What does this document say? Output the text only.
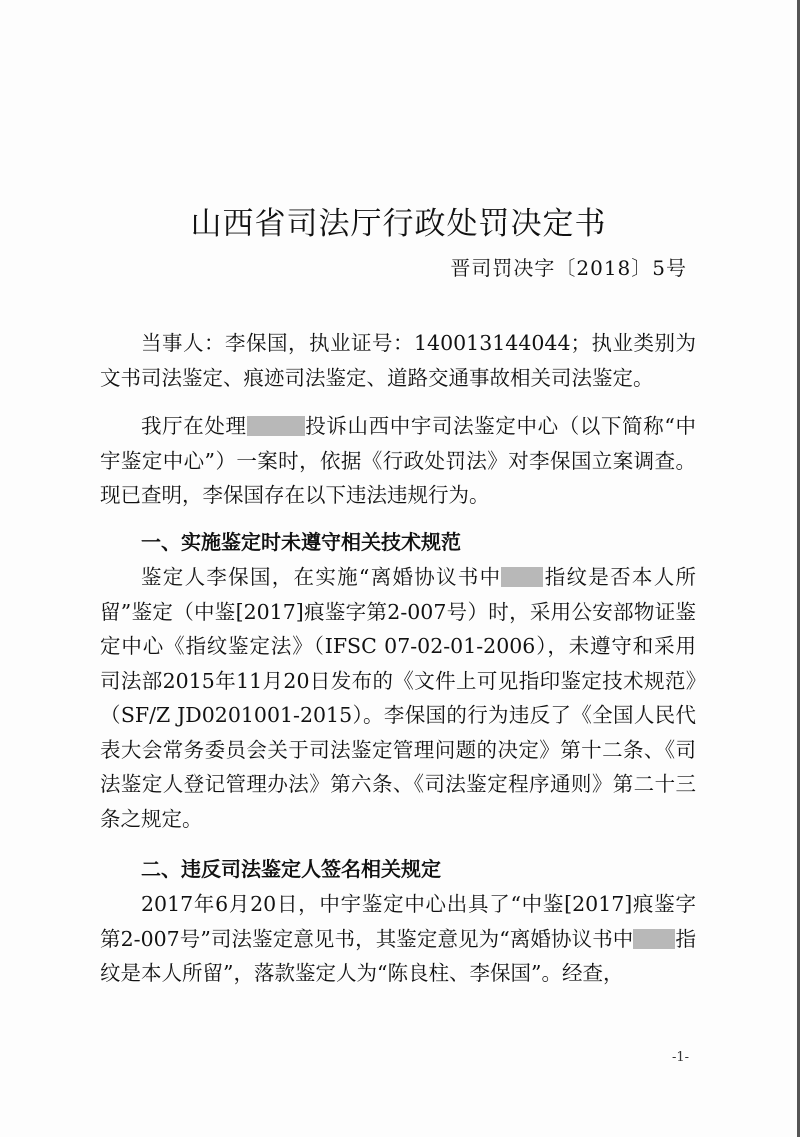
山西省司法厅行政处罚决定书
晋司罚决字〔2018〕5号

当事人：李保国，执业证号：140013144044；执业类别为文书司法鉴定、痕迹司法鉴定、道路交通事故相关司法鉴定。

我厅在处理	投诉山西中宇司法鉴定中心（以下简称“中宇鉴定中心”）一案时，依据《行政处罚法》对李保国立案调查。现已查明，李保国存在以下违法违规行为。

一、实施鉴定时未遵守相关技术规范

鉴定人李保国，在实施“离婚协议书中 指纹是否本人所留”鉴定（中鉴[2017]痕鉴字第2-007号）时，采用公安部物证鉴定中心《指纹鉴定法》（IFSC 07-02-01-2006），未遵守和采用司法部2015年11月20日发布的《文件上可见指印鉴定技术规范》（SF/Z JD0201001-2015）。李保国的行为违反了《全国人民代表大会常务委员会关于司法鉴定管理问题的决定》第十二条、《司法鉴定人登记管理办法》第六条、《司法鉴定程序通则》第二十三条之规定。

二、违反司法鉴定人签名相关规定

2017年6月20日，中宇鉴定中心出具了“中鉴[2017]痕鉴字第2-007号”司法鉴定意见书，其鉴定意见为“离婚协议书中 指纹是本人所留”，落款鉴定人为“陈良柱、李保国”。经查，

-1-
